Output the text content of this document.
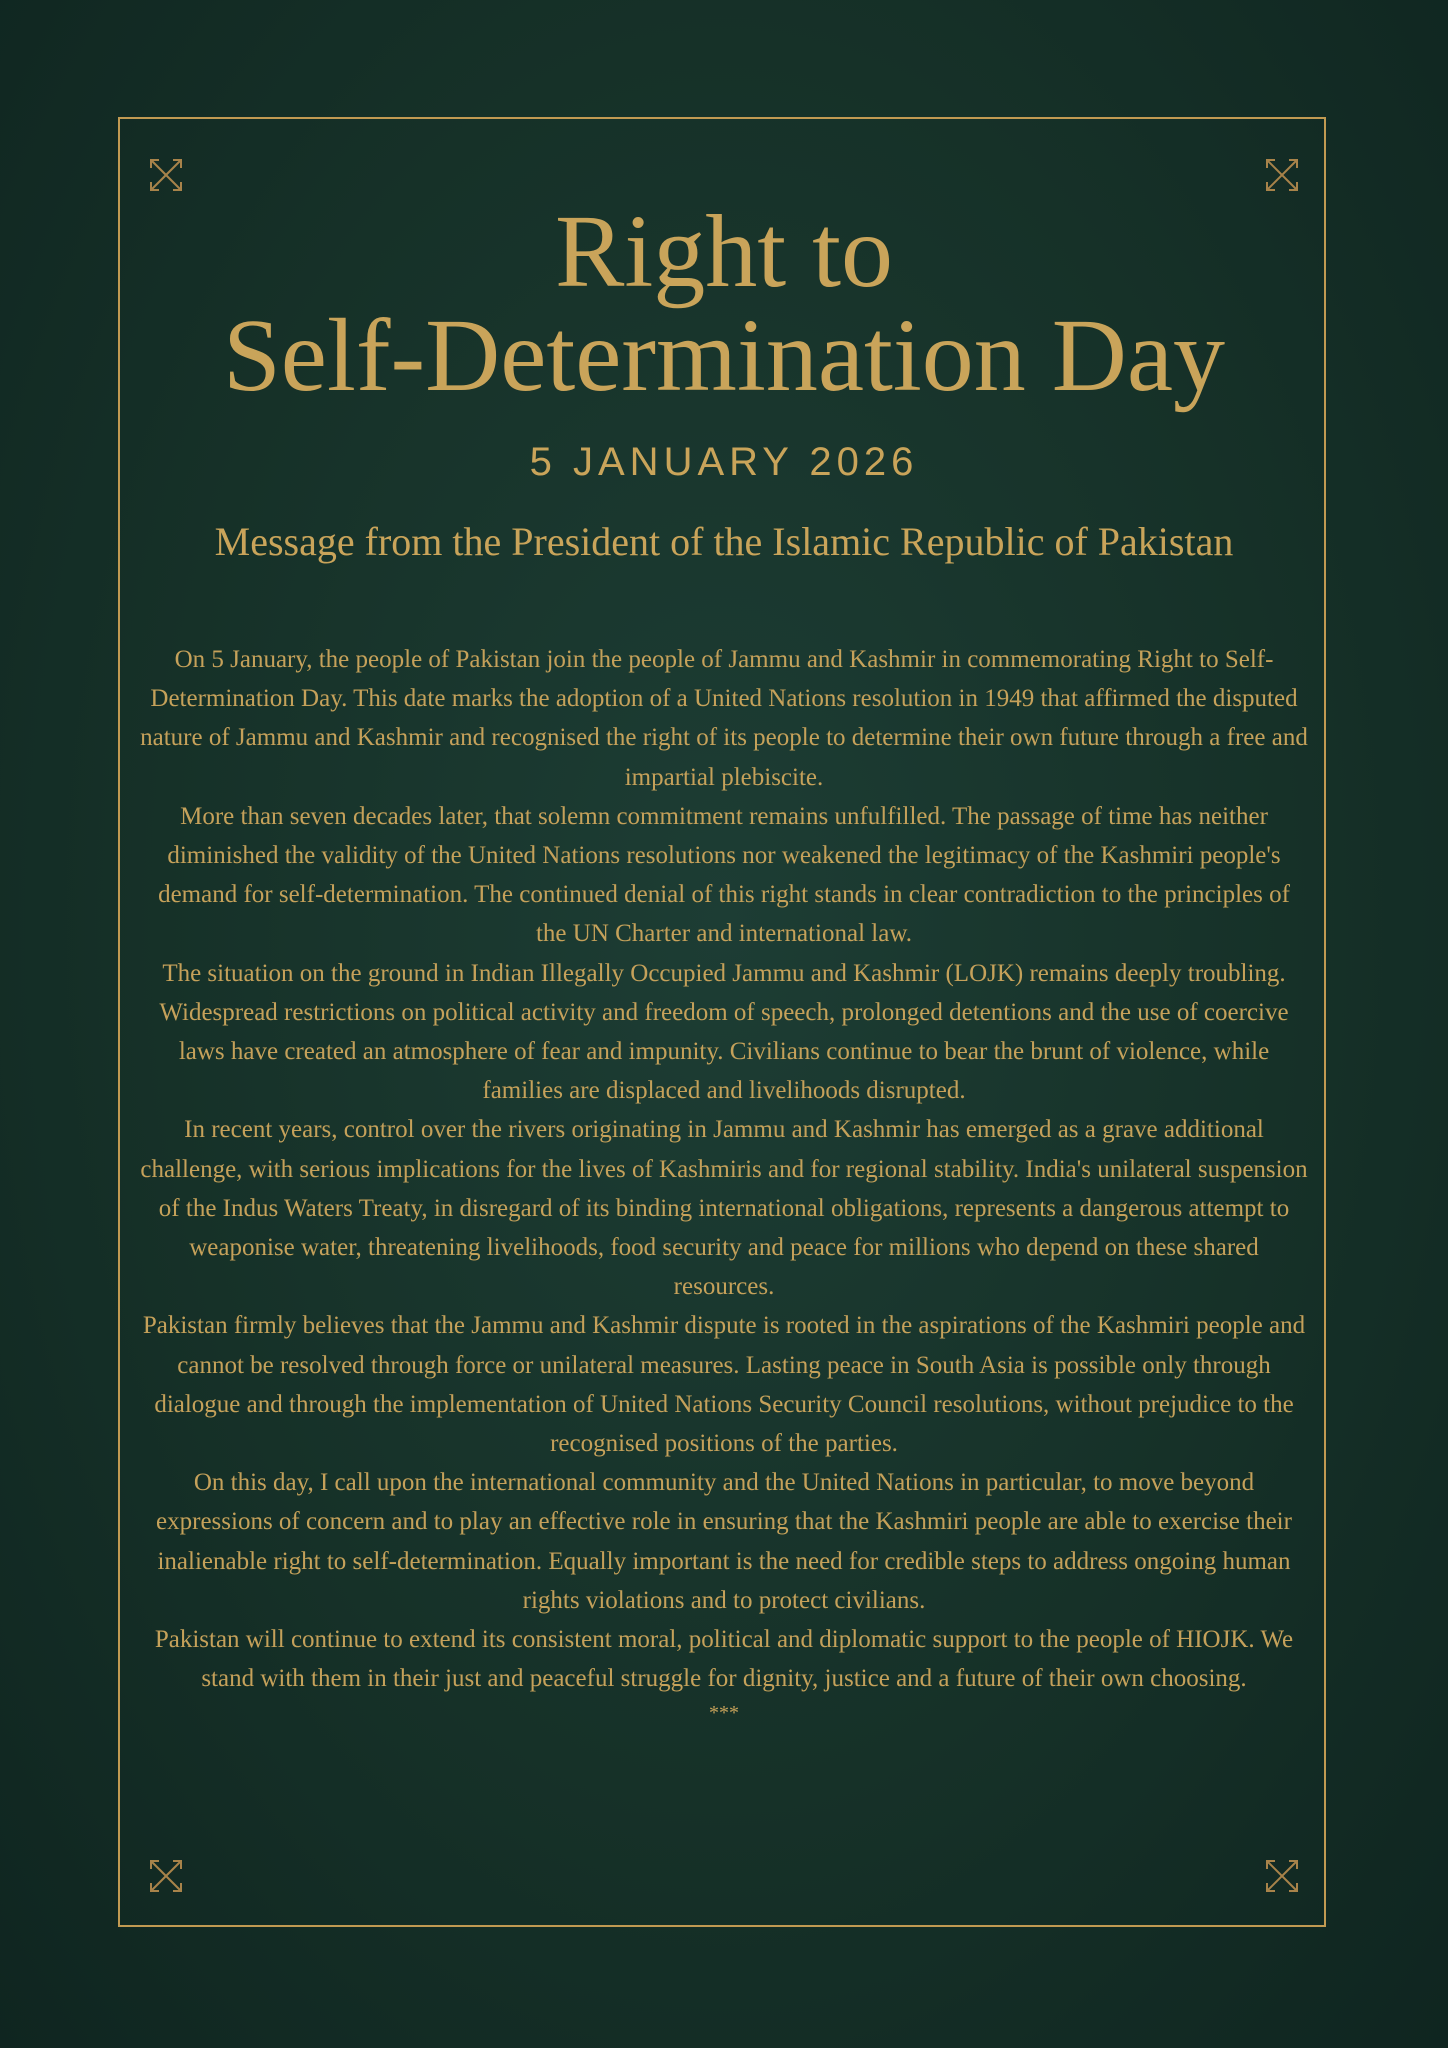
Right to
Self-Determination Day
5 JANUARY 2026
Message from the President of the Islamic Republic of Pakistan

On 5 January, the people of Pakistan join the people of Jammu and Kashmir in commemorating Right to Self-Determination Day. This date marks the adoption of a United Nations resolution in 1949 that affirmed the disputed nature of Jammu and Kashmir and recognised the right of its people to determine their own future through a free and impartial plebiscite.

More than seven decades later, that solemn commitment remains unfulfilled. The passage of time has neither diminished the validity of the United Nations resolutions nor weakened the legitimacy of the Kashmiri people's demand for self-determination. The continued denial of this right stands in clear contradiction to the principles of the UN Charter and international law.

The situation on the ground in Indian Illegally Occupied Jammu and Kashmir (LOJK) remains deeply troubling. Widespread restrictions on political activity and freedom of speech, prolonged detentions and the use of coercive laws have created an atmosphere of fear and impunity. Civilians continue to bear the brunt of violence, while families are displaced and livelihoods disrupted.

In recent years, control over the rivers originating in Jammu and Kashmir has emerged as a grave additional challenge, with serious implications for the lives of Kashmiris and for regional stability. India's unilateral suspension of the Indus Waters Treaty, in disregard of its binding international obligations, represents a dangerous attempt to weaponise water, threatening livelihoods, food security and peace for millions who depend on these shared resources.

Pakistan firmly believes that the Jammu and Kashmir dispute is rooted in the aspirations of the Kashmiri people and cannot be resolved through force or unilateral measures. Lasting peace in South Asia is possible only through dialogue and through the implementation of United Nations Security Council resolutions, without prejudice to the recognised positions of the parties.

On this day, I call upon the international community and the United Nations in particular, to move beyond expressions of concern and to play an effective role in ensuring that the Kashmiri people are able to exercise their inalienable right to self-determination. Equally important is the need for credible steps to address ongoing human rights violations and to protect civilians.

Pakistan will continue to extend its consistent moral, political and diplomatic support to the people of HIOJK. We stand with them in their just and peaceful struggle for dignity, justice and a future of their own choosing.

***
